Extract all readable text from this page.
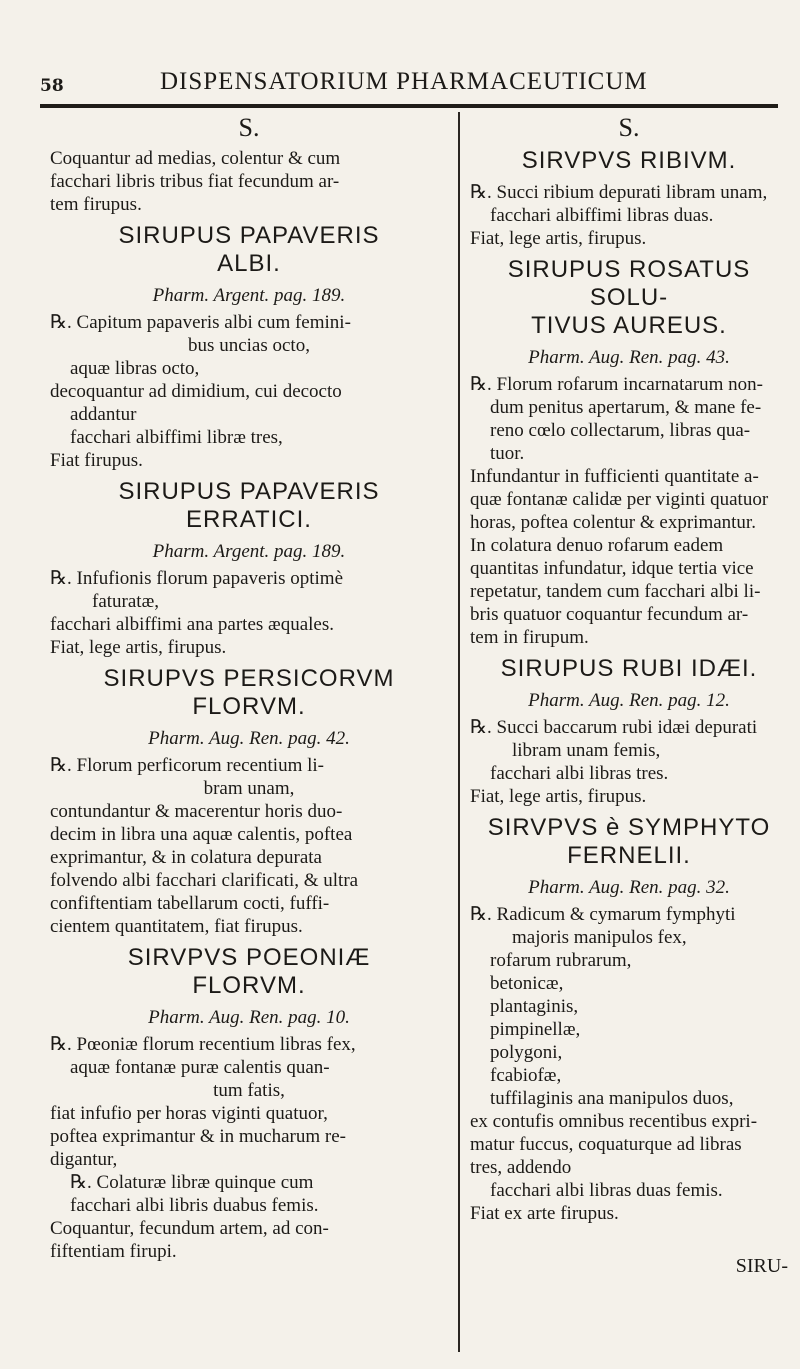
58	DISPENSATORIUM PHARMACEUTICUM
S.

Coquantur ad medias, colentur & cum
facchari libris tribus fiat fecundum ar-
tem firupus.

SIRUPUS PAPAVERIS
ALBI.
Pharm. Argent. pag. 189.

℞. Capitum papaveris albi cum femini-

bus uncias octo,

aquæ libras octo,

decoquantur ad dimidium, cui decocto

addantur

facchari albiffimi libræ tres,

Fiat firupus.

SIRUPUS PAPAVERIS
ERRATICI.
Pharm. Argent. pag. 189.

℞. Infufionis florum papaveris optimè

faturatæ,

facchari albiffimi ana partes æquales.

Fiat, lege artis, firupus.

SIRUPVS PERSICORVM
FLORVM.
Pharm. Aug. Ren. pag. 42.

℞. Florum perficorum recentium li-

bram unam,

contundantur & macerentur horis duo-

decim in libra una aquæ calentis, poftea

exprimantur, & in colatura depurata

folvendo albi facchari clarificati, & ultra

confiftentiam tabellarum cocti, fuffi-

cientem quantitatem, fiat firupus.

SIRVPVS POEONIÆ
FLORVM.
Pharm. Aug. Ren. pag. 10.

℞. Pœoniæ florum recentium libras fex,

aquæ fontanæ puræ calentis quan-

tum fatis,

fiat infufio per horas viginti quatuor,

poftea exprimantur & in mucharum re-

digantur,

℞. Colaturæ libræ quinque cum

facchari albi libris duabus femis.

Coquantur, fecundum artem, ad con-

fiftentiam firupi.

S.
SIRVPVS RIBIVM.

℞. Succi ribium depurati libram unam,

facchari albiffimi libras duas.

Fiat, lege artis, firupus.

SIRUPUS ROSATUS SOLU-
TIVUS AUREUS.
Pharm. Aug. Ren. pag. 43.

℞. Florum rofarum incarnatarum non-

dum penitus apertarum, & mane fe-

reno cœlo collectarum, libras qua-

tuor.

Infundantur in fufficienti quantitate a-

quæ fontanæ calidæ per viginti quatuor

horas, poftea colentur & exprimantur.

In colatura denuo rofarum eadem

quantitas infundatur, idque tertia vice

repetatur, tandem cum facchari albi li-

bris quatuor coquantur fecundum ar-

tem in firupum.

SIRUPUS RUBI IDÆI.
Pharm. Aug. Ren. pag. 12.

℞. Succi baccarum rubi idæi depurati

libram unam femis,

facchari albi libras tres.

Fiat, lege artis, firupus.

SIRVPVS è SYMPHYTO
FERNELII.
Pharm. Aug. Ren. pag. 32.

℞. Radicum & cymarum fymphyti

majoris manipulos fex,

rofarum rubrarum,

betonicæ,

plantaginis,

pimpinellæ,

polygoni,

fcabiofæ,

tuffilaginis ana manipulos duos,

ex contufis omnibus recentibus expri-

matur fuccus, coquaturque ad libras

tres, addendo

facchari albi libras duas femis.

Fiat ex arte firupus.

SIRU-
